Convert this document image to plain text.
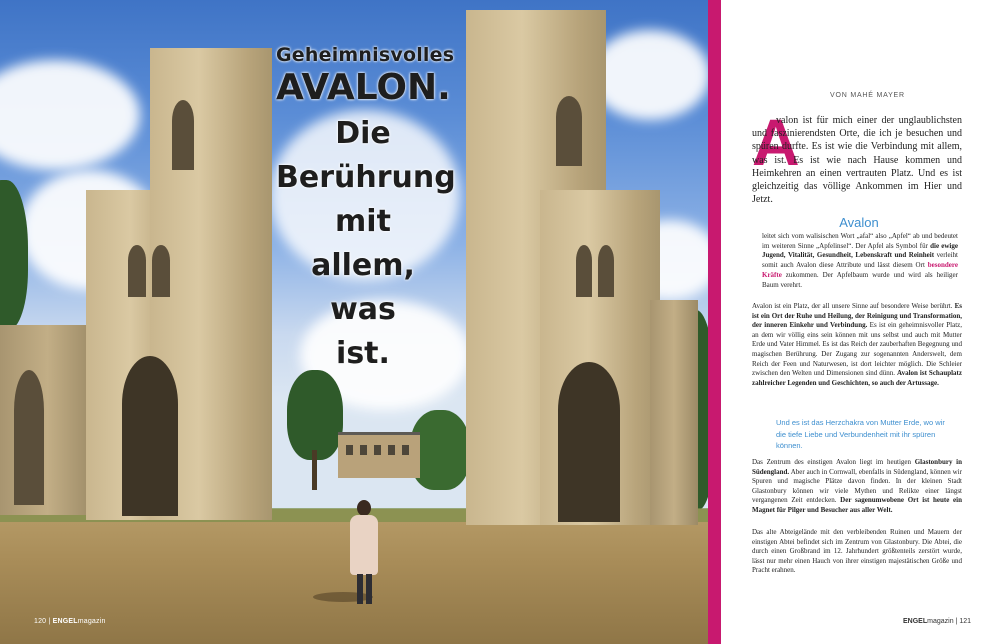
Geheimnisvolles
AVALON.
Die
Berührung
mit
allem,
was
ist.
120 | ENGELmagazin
VON MAHÉ MAYER
A

valon ist für mich einer der unglaublichsten und faszinierendsten Orte, die ich je besuchen und spüren durfte. Es ist wie die Verbindung mit allem, was ist. Es ist wie nach Hause kommen und Heimkehren an einen vertrauten Platz. Und es ist gleichzeitig das völlige Ankommen im Hier und Jetzt.

Avalon

leitet sich vom walisischen Wort „afal“ also „Apfel“ ab und bedeutet im weiteren Sinne „Apfelinsel“. Der Apfel als Symbol für die ewige Jugend, Vitalität, Gesundheit, Lebenskraft und Reinheit verleiht somit auch Avalon diese Attribute und lässt diesem Ort besondere Kräfte zukommen. Der Apfelbaum wurde und wird als heiliger Baum verehrt.

Avalon ist ein Platz, der all unsere Sinne auf besondere Weise berührt. Es ist ein Ort der Ruhe und Heilung, der Reinigung und Transformation, der inneren Einkehr und Verbindung. Es ist ein geheimnisvoller Platz, an dem wir völlig eins sein können mit uns selbst und auch mit Mutter Erde und Vater Himmel. Es ist das Reich der zauberhaften Begegnung und magischen Berührung. Der Zugang zur sogenannten Anderswelt, dem Reich der Feen und Naturwesen, ist dort leichter möglich. Die Schleier zwischen den Welten und Dimensionen sind dünn. Avalon ist Schauplatz zahlreicher Legenden und Geschichten, so auch der Artussage.

Und es ist das Herzchakra von Mutter Erde, wo wir die tiefe Liebe und Verbundenheit mit ihr spüren können.

Das Zentrum des einstigen Avalon liegt im heutigen Glastonbury in Südengland. Aber auch in Cornwall, ebenfalls in Südengland, können wir Spuren und magische Plätze davon finden. In der kleinen Stadt Glastonbury können wir viele Mythen und Relikte einer längst vergangenen Zeit entdecken. Der sagenumwobene Ort ist heute ein Magnet für Pilger und Besucher aus aller Welt.

Das alte Abteigelände mit den verbleibenden Ruinen und Mauern der einstigen Abtei befindet sich im Zentrum von Glastonbury. Die Abtei, die durch einen Großbrand im 12. Jahrhundert größtenteils zerstört wurde, lässt nur mehr einen Hauch von ihrer einstigen majestätischen Größe und Pracht erahnen.

ENGELmagazin | 121
